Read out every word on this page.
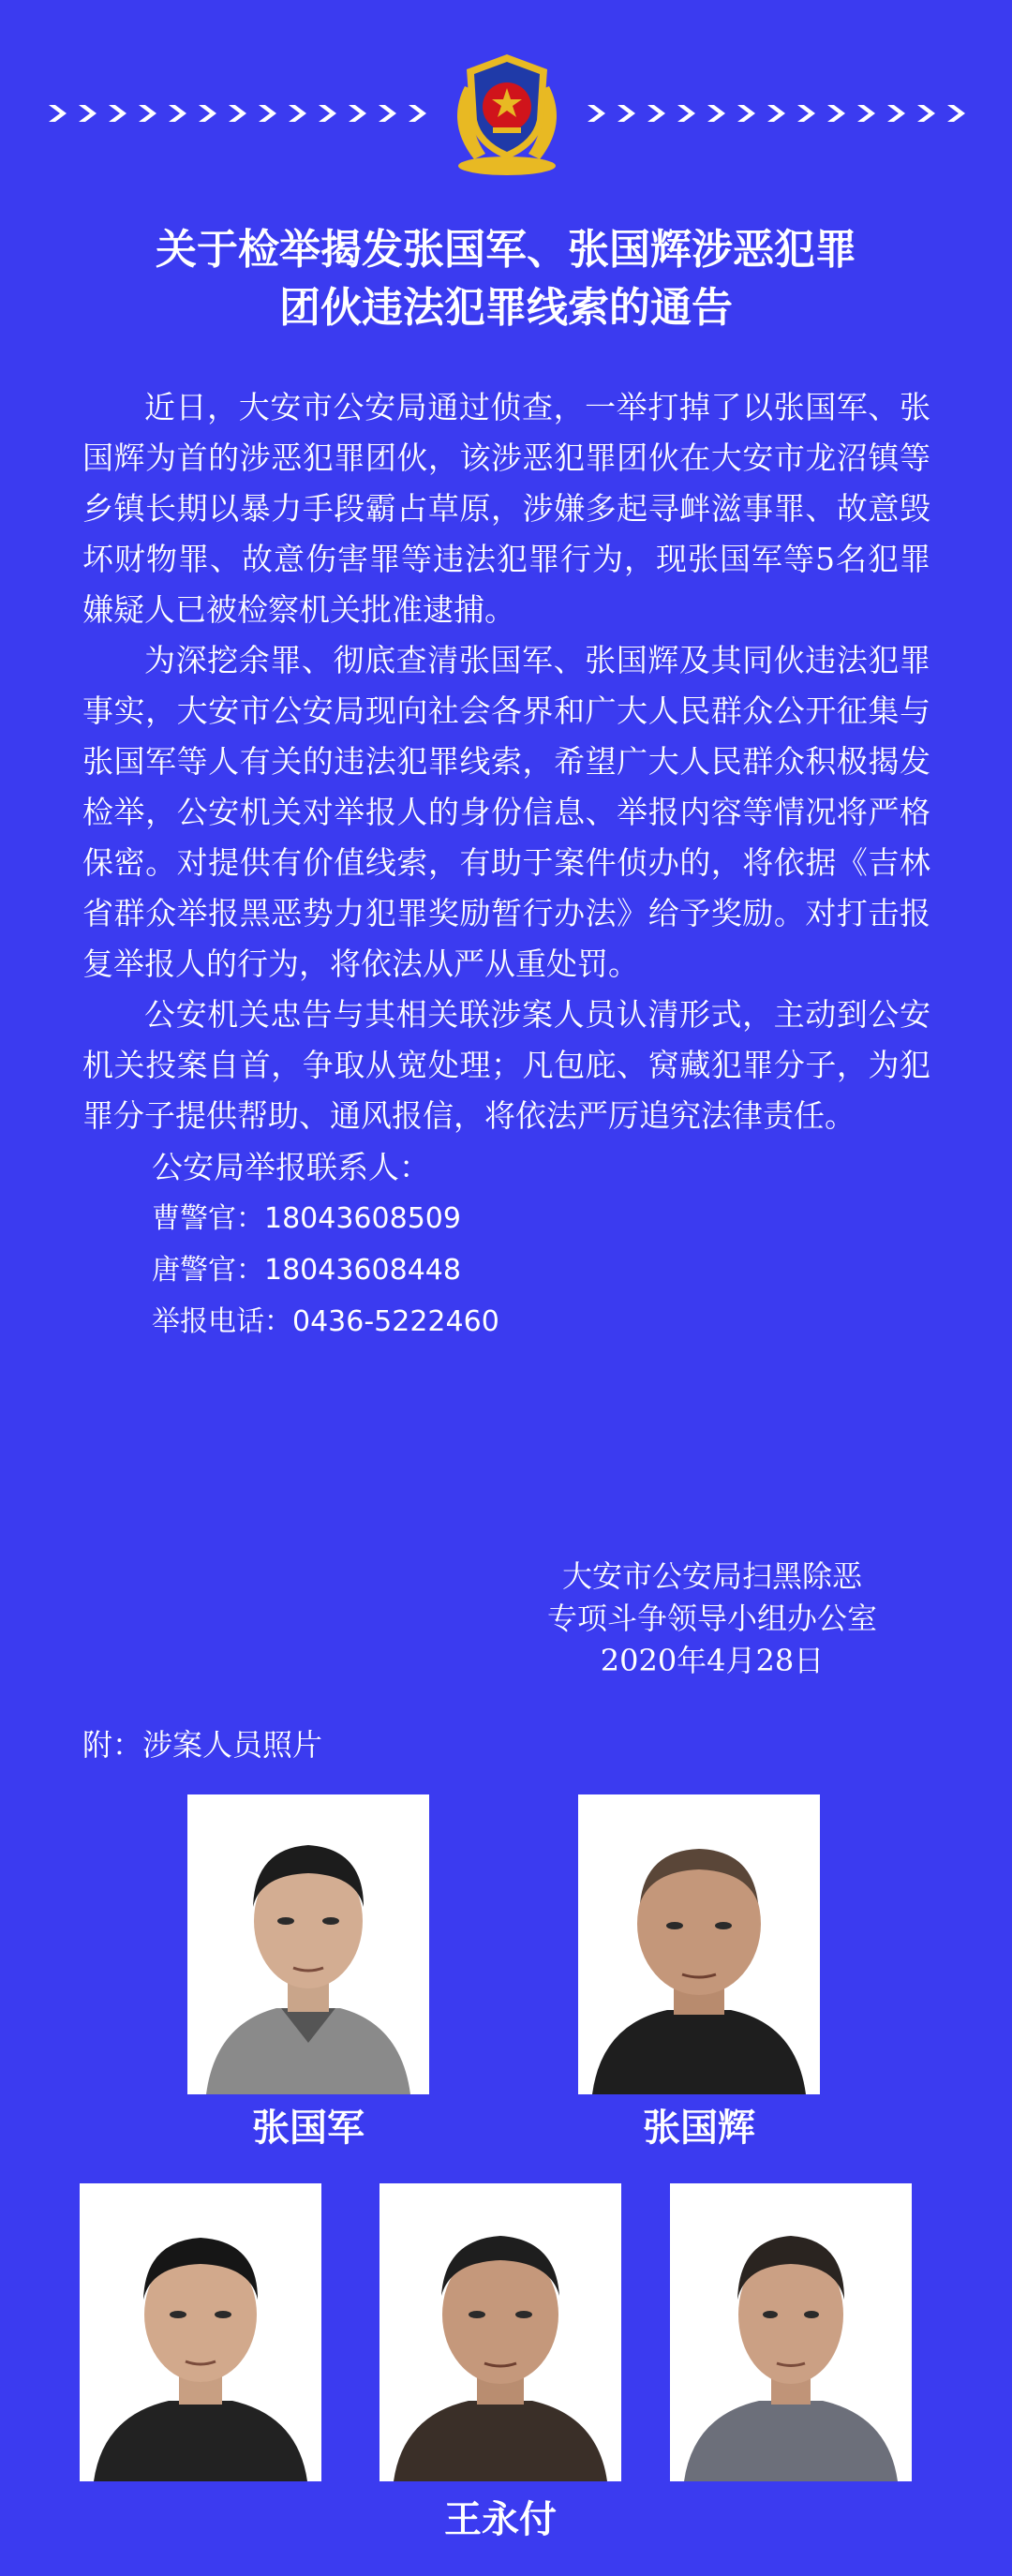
关于检举揭发张国军、张国辉涉恶犯罪
团伙违法犯罪线索的通告

近日，大安市公安局通过侦查，一举打掉了以张国军、张国辉为首的涉恶犯罪团伙，该涉恶犯罪团伙在大安市龙沼镇等乡镇长期以暴力手段霸占草原，涉嫌多起寻衅滋事罪、故意毁坏财物罪、故意伤害罪等违法犯罪行为，现张国军等5名犯罪嫌疑人已被检察机关批准逮捕。

为深挖余罪、彻底查清张国军、张国辉及其同伙违法犯罪事实，大安市公安局现向社会各界和广大人民群众公开征集与张国军等人有关的违法犯罪线索，希望广大人民群众积极揭发检举，公安机关对举报人的身份信息、举报内容等情况将严格保密。对提供有价值线索，有助于案件侦办的，将依据《吉林省群众举报黑恶势力犯罪奖励暂行办法》给予奖励。对打击报复举报人的行为，将依法从严从重处罚。

公安机关忠告与其相关联涉案人员认清形式，主动到公安机关投案自首，争取从宽处理；凡包庇、窝藏犯罪分子，为犯罪分子提供帮助、通风报信，将依法严厉追究法律责任。

公安局举报联系人：

曹警官：18043608509

唐警官：18043608448

举报电话：0436-5222460

大安市公安局扫黑除恶
专项斗争领导小组办公室
2020年4月28日
附：涉案人员照片
张国军	张国辉
王永付
